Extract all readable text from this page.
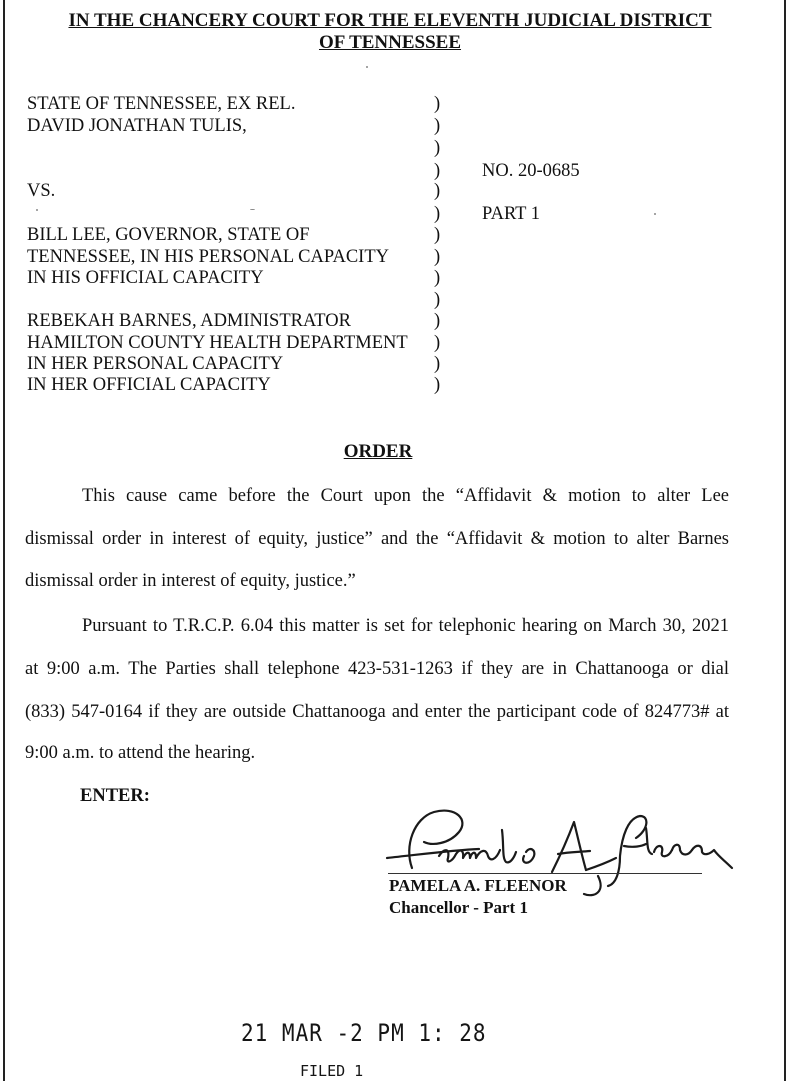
IN THE CHANCERY COURT FOR THE ELEVENTH JUDICIAL DISTRICT
OF TENNESSEE
STATE OF TENNESSEE, EX REL.	)
DAVID JONATHAN TULIS,	)
)
) NO. 20-0685
VS.	)
) PART 1
BILL LEE, GOVERNOR, STATE OF	)
TENNESSEE, IN HIS PERSONAL CAPACITY )
IN HIS OFFICIAL CAPACITY	)
)
REBEKAH BARNES, ADMINISTRATOR	)
HAMILTON COUNTY HEALTH DEPARTMENT )
IN HER PERSONAL CAPACITY	)
IN HER OFFICIAL CAPACITY	)
ORDER
This cause came before the Court upon the “Affidavit & motion to alter Lee
dismissal order in interest of equity, justice” and the “Affidavit & motion to alter Barnes
dismissal order in interest of equity, justice.”
Pursuant to T.R.C.P. 6.04 this matter is set for telephonic hearing on March 30, 2021
at 9:00 a.m. The Parties shall telephone 423-531-1263 if they are in Chattanooga or dial
(833) 547-0164 if they are outside Chattanooga and enter the participant code of 824773# at
9:00 a.m. to attend the hearing.
ENTER:
PAMELA A. FLEENOR
Chancellor - Part 1
21 MAR -2 PM 1: 28
FILED 1
